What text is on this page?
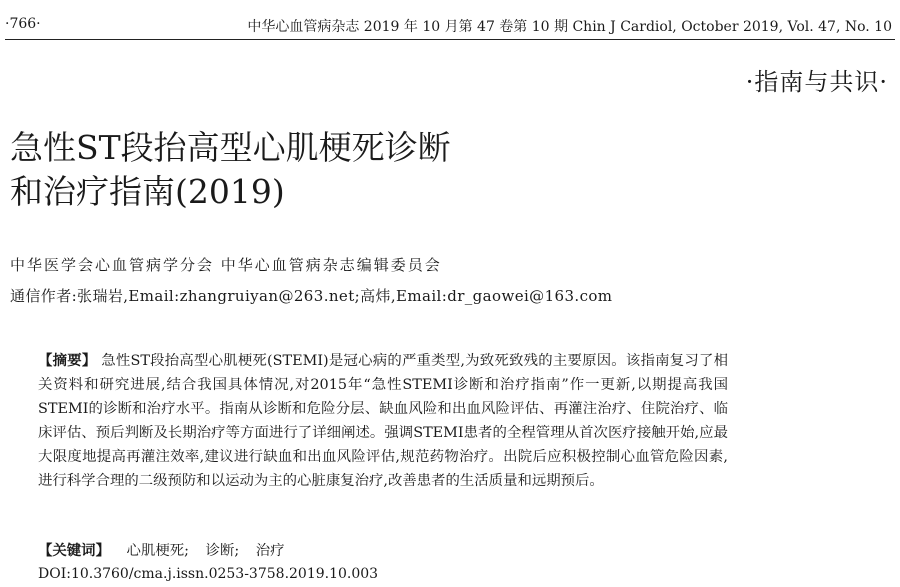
·766·	中华心血管病杂志 2019 年 10 月第 47 卷第 10 期 Chin J Cardiol, October 2019, Vol. 47, No. 10
·指南与共识·
急性ST段抬高型心肌梗死诊断
和治疗指南(2019)
中华医学会心血管病学分会 中华心血管病杂志编辑委员会
通信作者:张瑞岩,Email:zhangruiyan@263.net;高炜,Email:dr_gaowei@163.com

【摘要】 急性ST段抬高型心肌梗死(STEMI)是冠心病的严重类型,为致死致残的主要原因。该指南复习了相关资料和研究进展,结合我国具体情况,对2015年“急性STEMI诊断和治疗指南”作一更新,以期提高我国STEMI的诊断和治疗水平。指南从诊断和危险分层、缺血风险和出血风险评估、再灌注治疗、住院治疗、临床评估、预后判断及长期治疗等方面进行了详细阐述。强调STEMI患者的全程管理从首次医疗接触开始,应最大限度地提高再灌注效率,建议进行缺血和出血风险评估,规范药物治疗。出院后应积极控制心血管危险因素,进行科学合理的二级预防和以运动为主的心脏康复治疗,改善患者的生活质量和远期预后。

【关键词】 心肌梗死; 诊断; 治疗
DOI:10.3760/cma.j.issn.0253-3758.2019.10.003
